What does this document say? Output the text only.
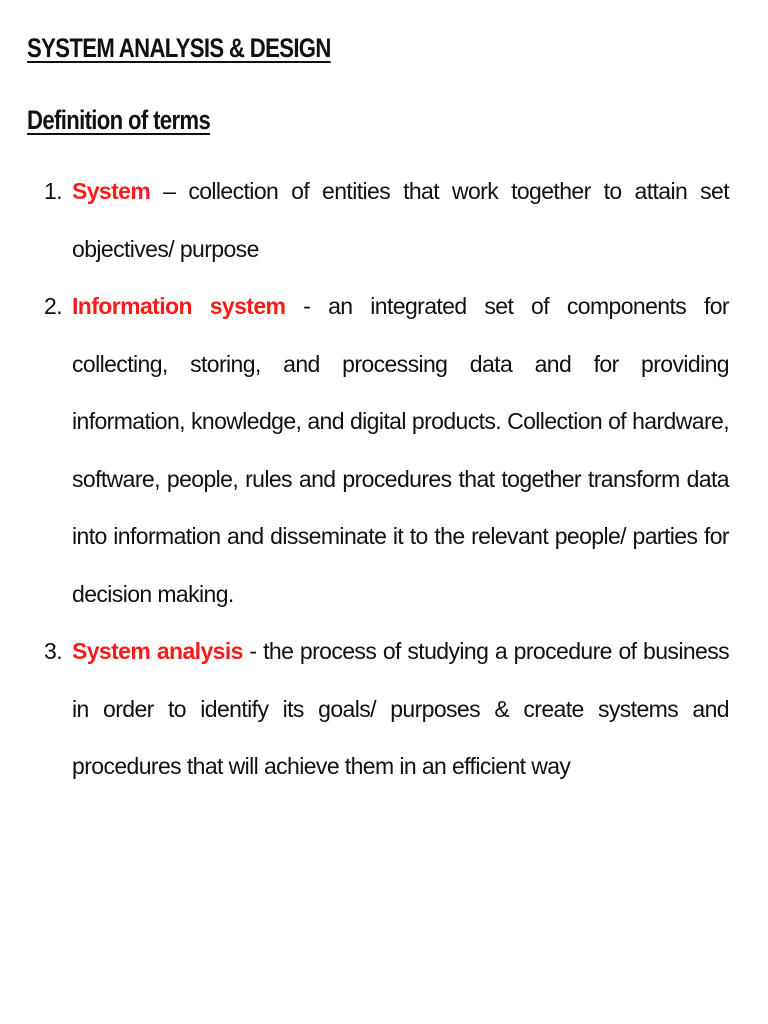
SYSTEM ANALYSIS & DESIGN
Definition of terms
1. System – collection of entities that work together to attain set objectives/ purpose
2. Information system - an integrated set of components for collecting, storing, and processing data and for providing information, knowledge, and digital products. Collection of hardware, software, people, rules and procedures that together transform data into information and disseminate it to the relevant people/ parties for decision making.
3. System analysis - the process of studying a procedure of business in order to identify its goals/ purposes & create systems and procedures that will achieve them in an efficient way
